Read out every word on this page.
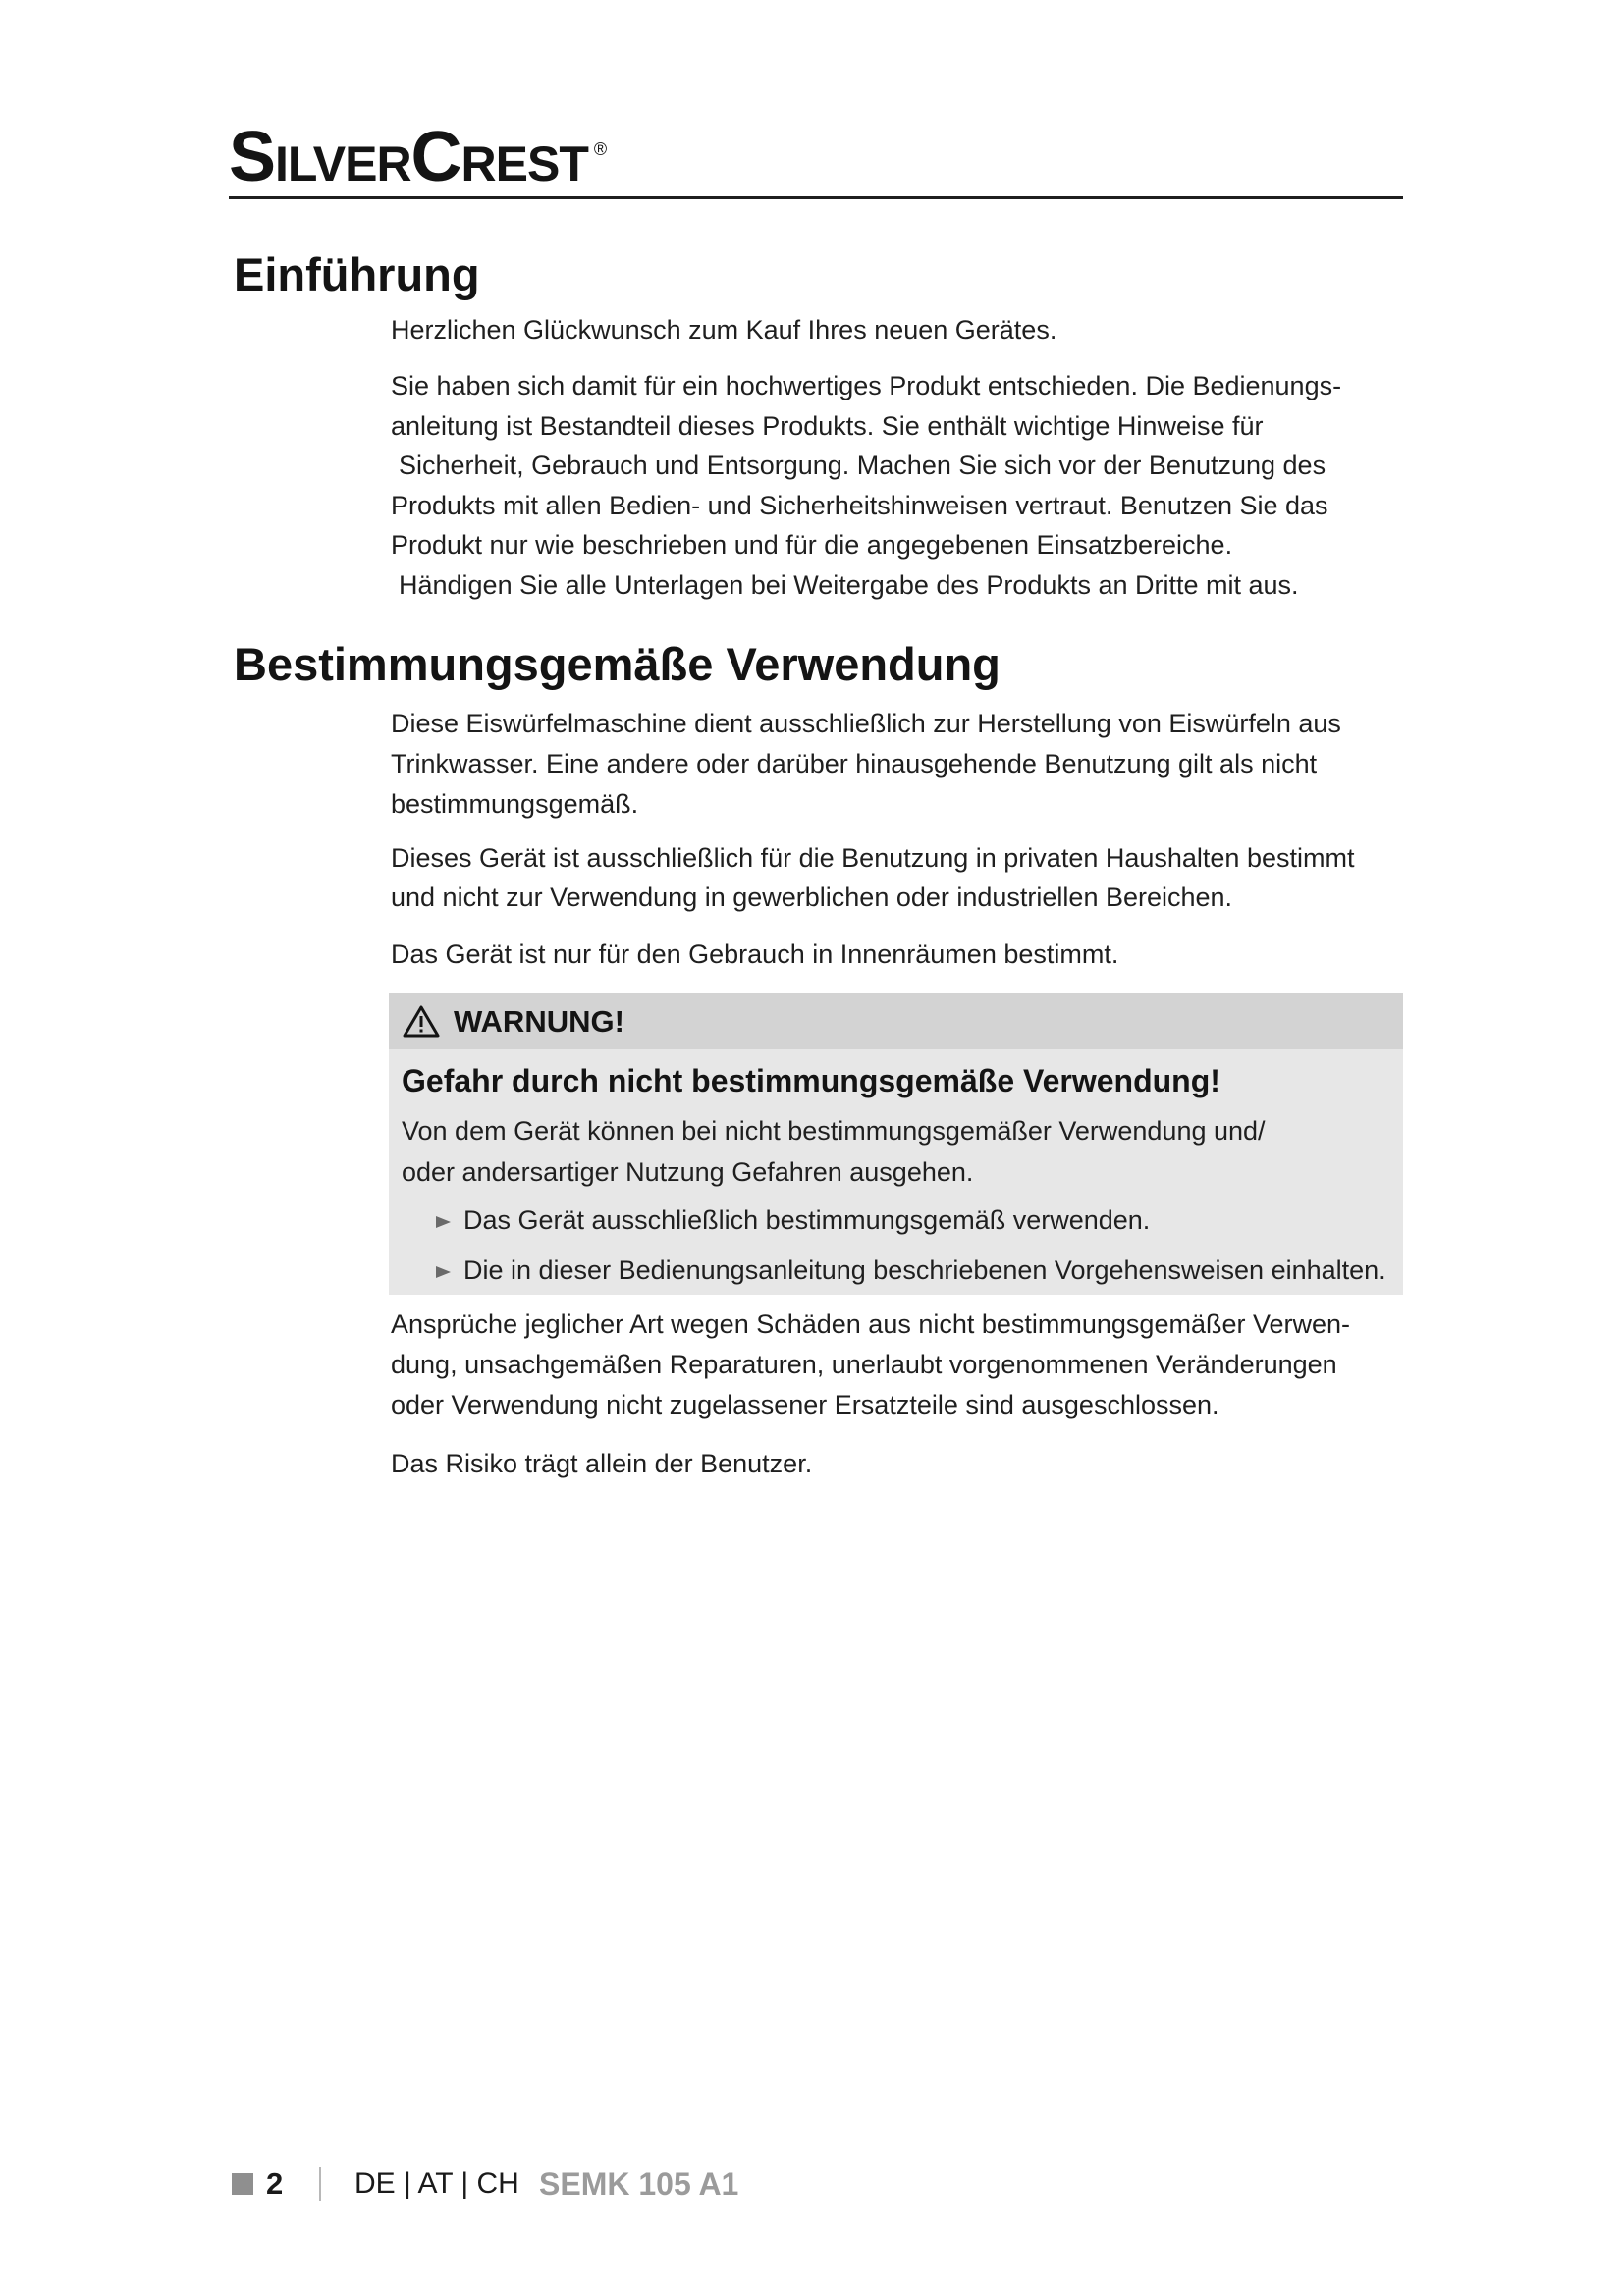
SilverCrest ®
Einführung
Herzlichen Glückwunsch zum Kauf Ihres neuen Gerätes.
Sie haben sich damit für ein hochwertiges Produkt entschieden. Die Bedienungs-
anleitung ist Bestandteil dieses Produkts. Sie enthält wichtige Hinweise für
Sicherheit, Gebrauch und Entsorgung. Machen Sie sich vor der Benutzung des
Produkts mit allen Bedien- und Sicherheitshinweisen vertraut. Benutzen Sie das
Produkt nur wie beschrieben und für die angegebenen Einsatzbereiche.
Händigen Sie alle Unterlagen bei Weitergabe des Produkts an Dritte mit aus.
Bestimmungsgemäße Verwendung
Diese Eiswürfelmaschine dient ausschließlich zur Herstellung von Eiswürfeln aus
Trinkwasser. Eine andere oder darüber hinausgehende Benutzung gilt als nicht
bestimmungsgemäß.
Dieses Gerät ist ausschließlich für die Benutzung in privaten Haushalten bestimmt
und nicht zur Verwendung in gewerblichen oder industriellen Bereichen.
Das Gerät ist nur für den Gebrauch in Innenräumen bestimmt.
WARNUNG!
Gefahr durch nicht bestimmungsgemäße Verwendung!
Von dem Gerät können bei nicht bestimmungsgemäßer Verwendung und/
oder andersartiger Nutzung Gefahren ausgehen.
Das Gerät ausschließlich bestimmungsgemäß verwenden.
Die in dieser Bedienungsanleitung beschriebenen Vorgehensweisen einhalten.
Ansprüche jeglicher Art wegen Schäden aus nicht bestimmungsgemäßer Verwen-
dung, unsachgemäßen Reparaturen, unerlaubt vorgenommenen Veränderungen
oder Verwendung nicht zugelassener Ersatzteile sind ausgeschlossen.
Das Risiko trägt allein der Benutzer.
2 DE | AT | CH SEMK 105 A1
